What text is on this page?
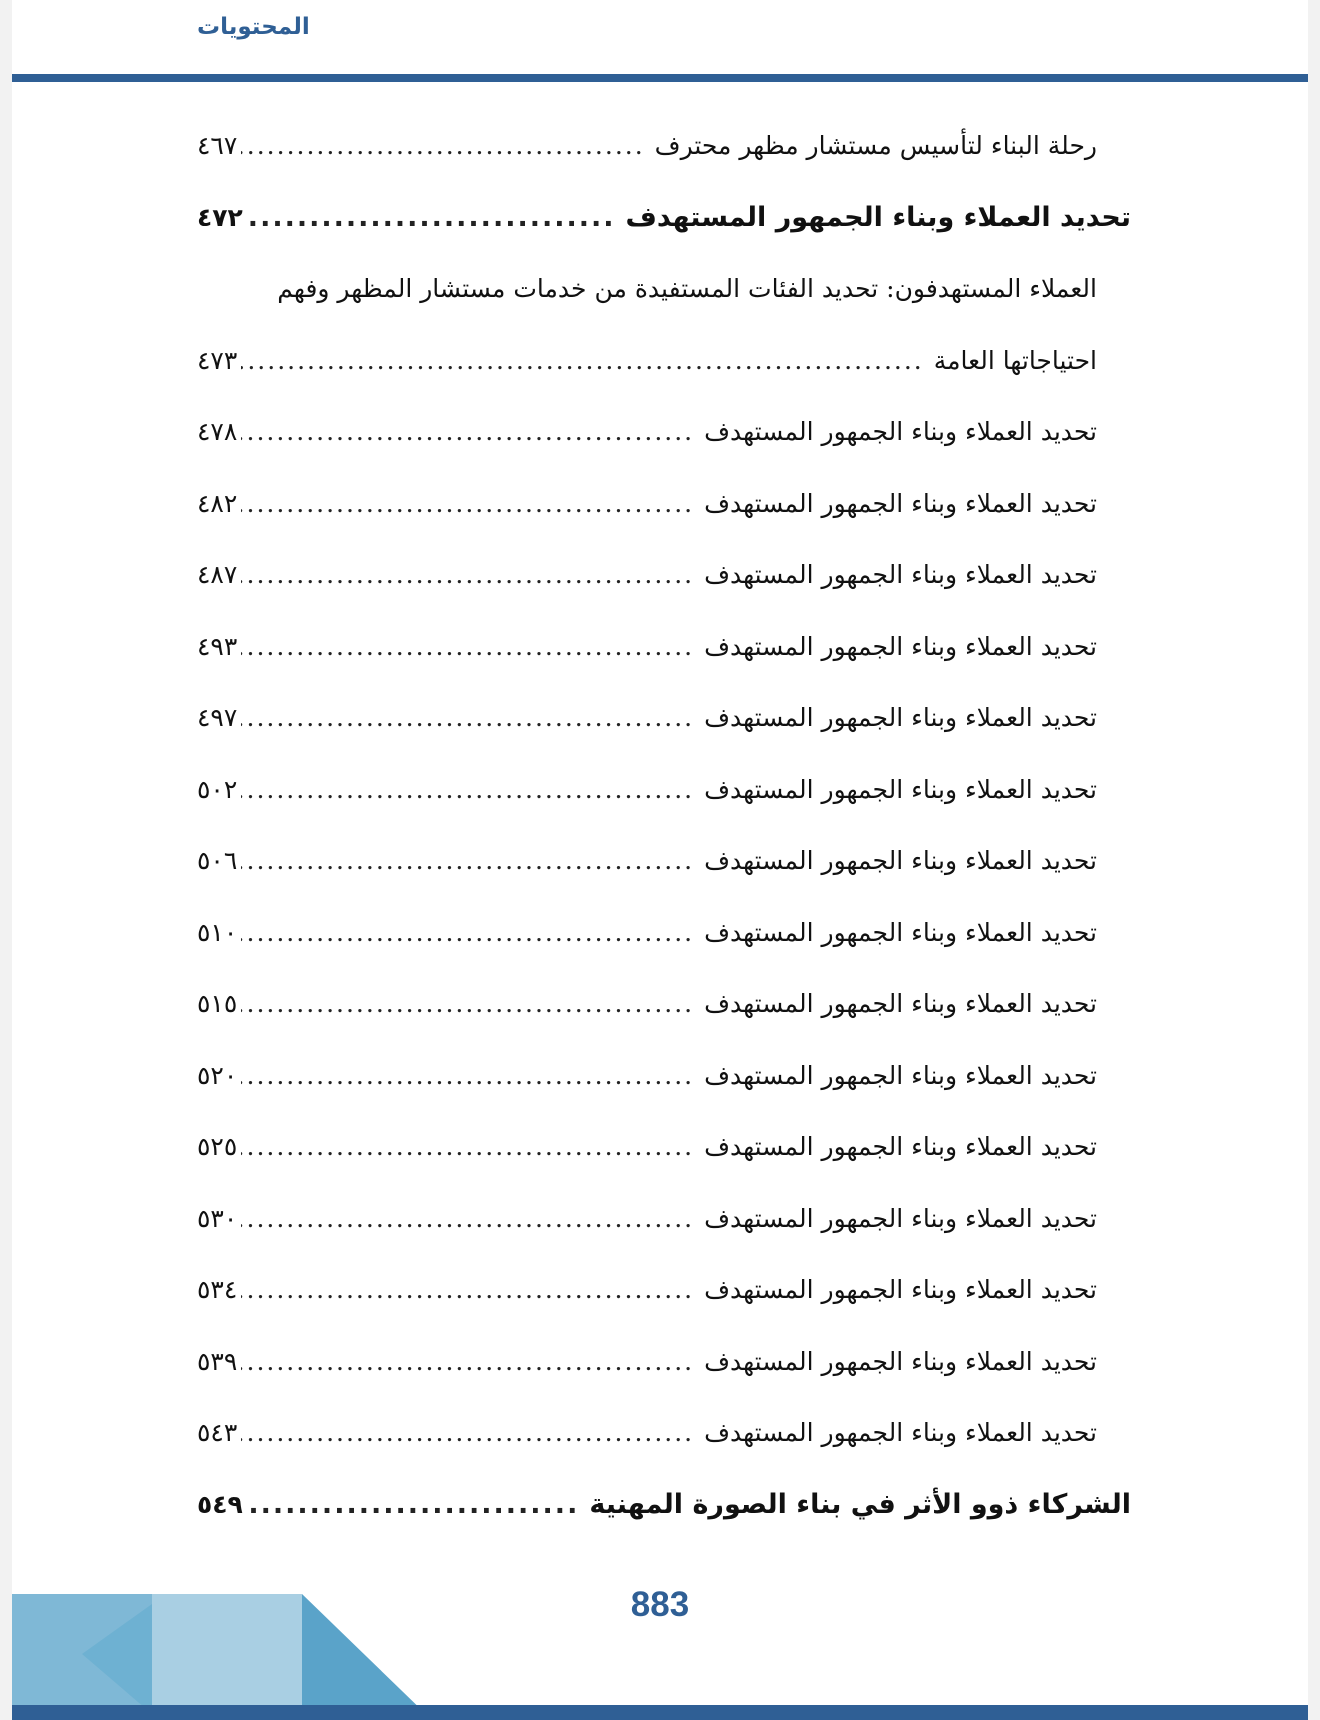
المحتويات
رحلة البناء لتأسيس مستشار مظهر محترف
.....
٤٦٧
تحديد العملاء وبناء الجمهور المستهدف
.....
٤٧٢
العملاء المستهدفون: تحديد الفئات المستفيدة من خدمات مستشار المظهر وفهم
احتياجاتها العامة
.....
٤٧٣
تحديد العملاء وبناء الجمهور المستهدف
.....
٤٧٨
تحديد العملاء وبناء الجمهور المستهدف
.....
٤٨٢
تحديد العملاء وبناء الجمهور المستهدف
.....
٤٨٧
تحديد العملاء وبناء الجمهور المستهدف
.....
٤٩٣
تحديد العملاء وبناء الجمهور المستهدف
.....
٤٩٧
تحديد العملاء وبناء الجمهور المستهدف
.....
٥٠٢
تحديد العملاء وبناء الجمهور المستهدف
.....
٥٠٦
تحديد العملاء وبناء الجمهور المستهدف
.....
٥١٠
تحديد العملاء وبناء الجمهور المستهدف
.....
٥١٥
تحديد العملاء وبناء الجمهور المستهدف
.....
٥٢٠
تحديد العملاء وبناء الجمهور المستهدف
.....
٥٢٥
تحديد العملاء وبناء الجمهور المستهدف
.....
٥٣٠
تحديد العملاء وبناء الجمهور المستهدف
.....
٥٣٤
تحديد العملاء وبناء الجمهور المستهدف
.....
٥٣٩
تحديد العملاء وبناء الجمهور المستهدف
.....
٥٤٣
الشركاء ذوو الأثر في بناء الصورة المهنية
.....
٥٤٩
883
